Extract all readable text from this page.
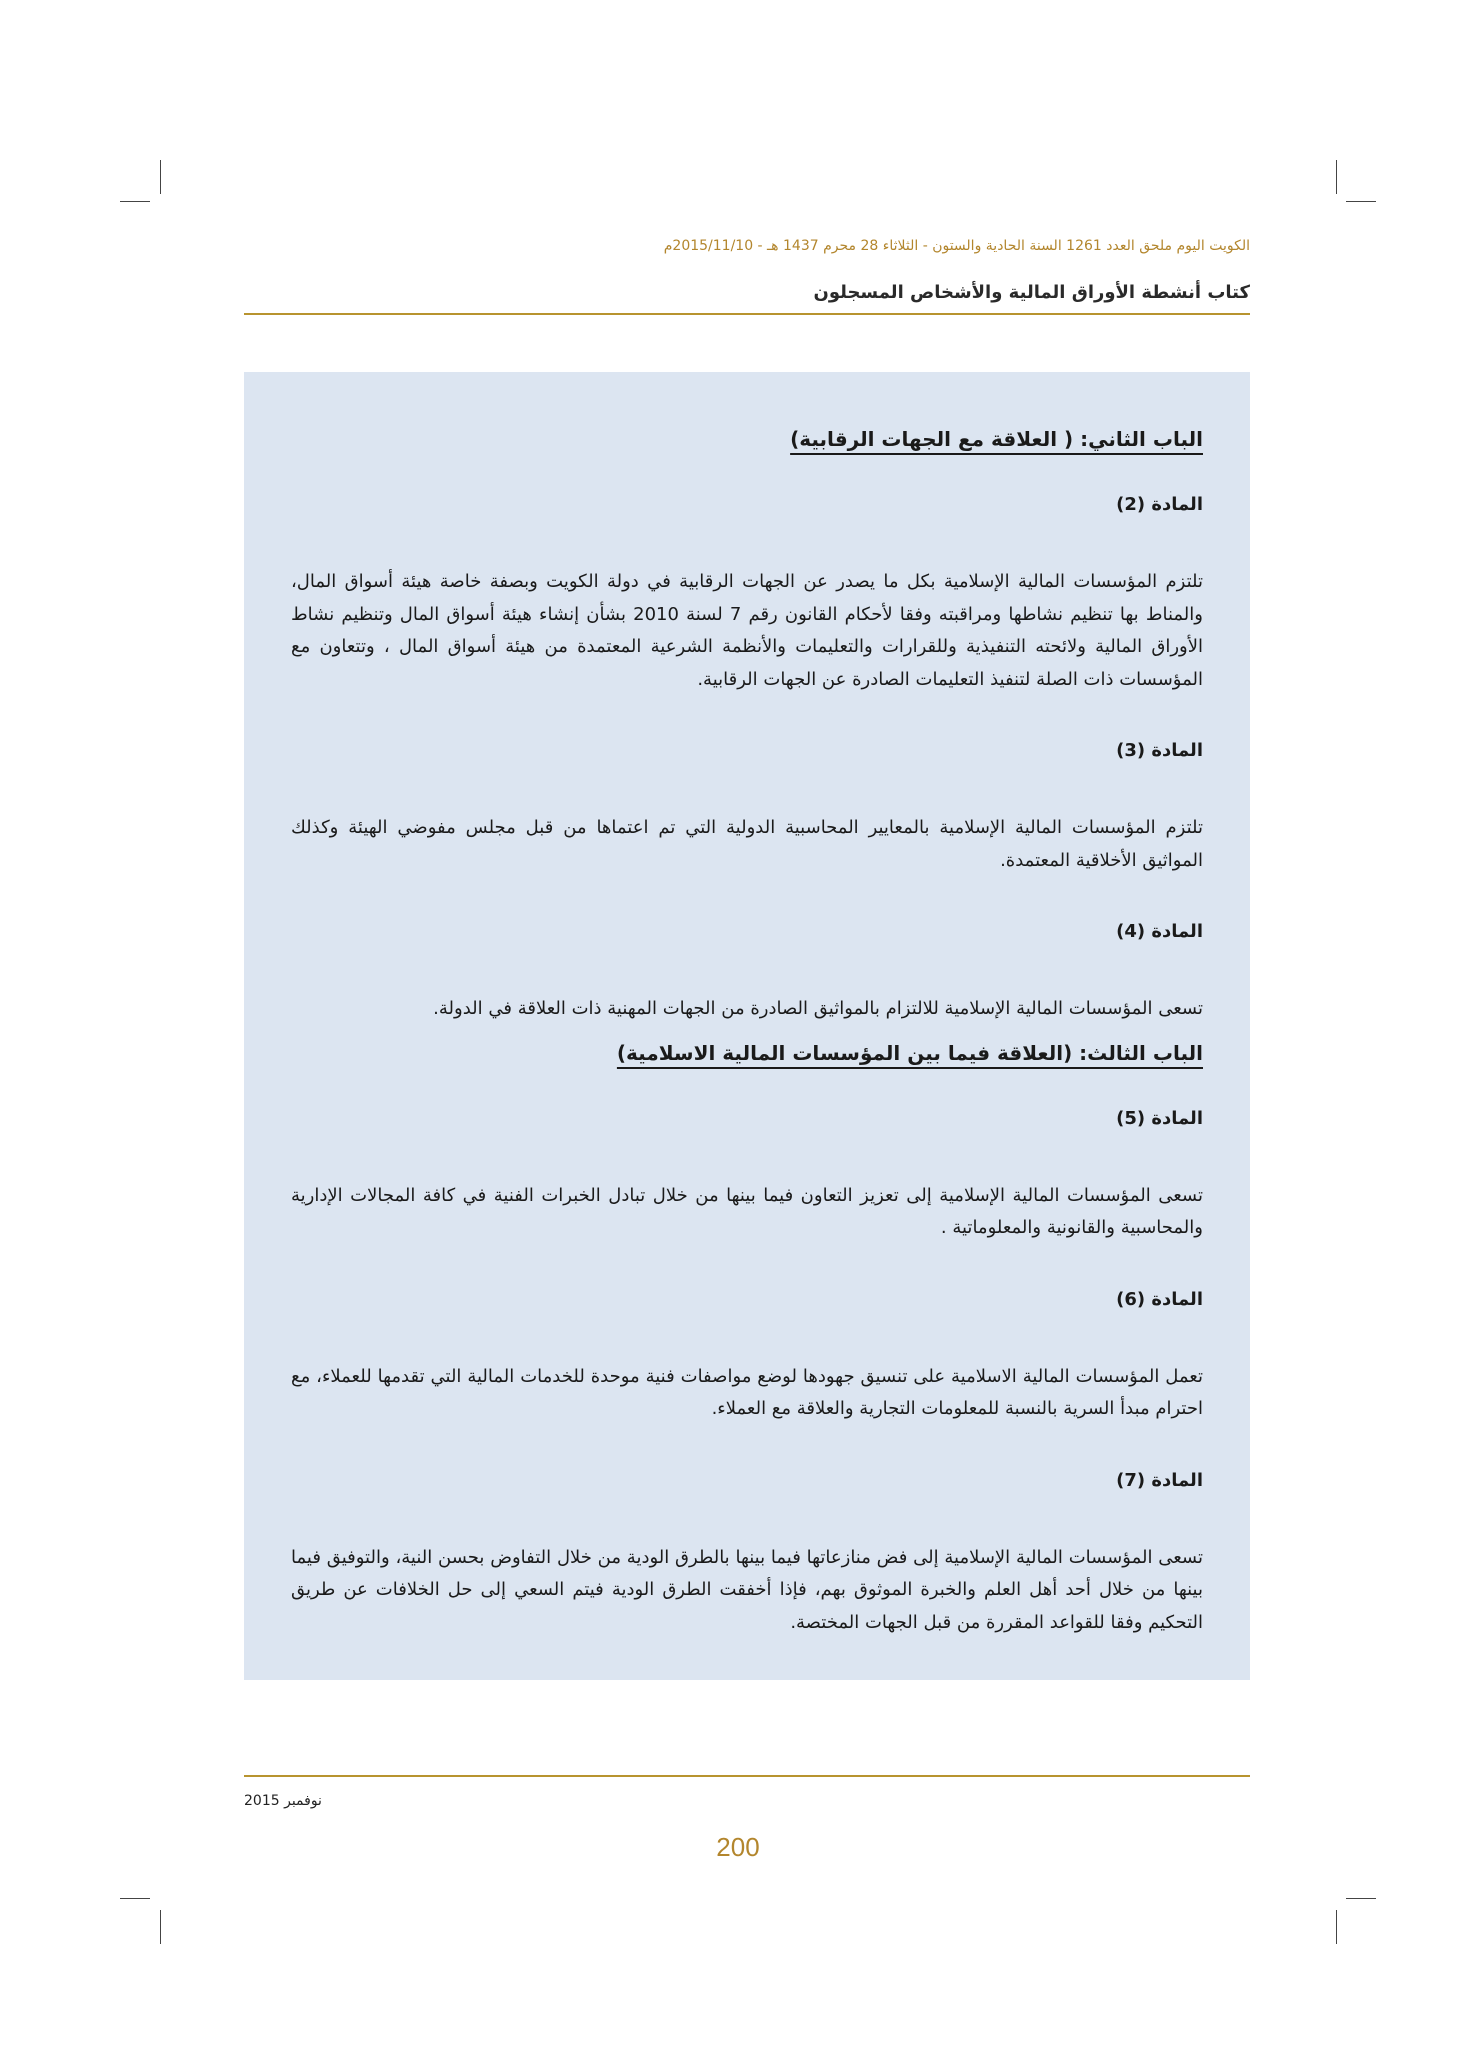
الكويت اليوم ملحق العدد 1261 السنة الحادية والستون - الثلاثاء 28 محرم 1437 هـ - 2015/11/10م
كتاب أنشطة الأوراق المالية والأشخاص المسجلون
الباب الثاني: ( العلاقة مع الجهات الرقابية)
المادة (2)

تلتزم المؤسسات المالية الإسلامية بكل ما يصدر عن الجهات الرقابية في دولة الكويت وبصفة خاصة هيئة أسواق المال، والمناط بها تنظيم نشاطها ومراقبته وفقا لأحكام القانون رقم 7 لسنة 2010 بشأن إنشاء هيئة أسواق المال وتنظيم نشاط الأوراق المالية ولائحته التنفيذية وللقرارات والتعليمات والأنظمة الشرعية المعتمدة من هيئة أسواق المال ، وتتعاون مع المؤسسات ذات الصلة لتنفيذ التعليمات الصادرة عن الجهات الرقابية.

المادة (3)

تلتزم المؤسسات المالية الإسلامية بالمعايير المحاسبية الدولية التي تم اعتماها من قبل مجلس مفوضي الهيئة وكذلك المواثيق الأخلاقية المعتمدة.

المادة (4)

تسعى المؤسسات المالية الإسلامية للالتزام بالمواثيق الصادرة من الجهات المهنية ذات العلاقة في الدولة.

الباب الثالث: (العلاقة فيما بين المؤسسات المالية الاسلامية)
المادة (5)

تسعى المؤسسات المالية الإسلامية إلى تعزيز التعاون فيما بينها من خلال تبادل الخبرات الفنية في كافة المجالات الإدارية والمحاسبية والقانونية والمعلوماتية .

المادة (6)

تعمل المؤسسات المالية الاسلامية على تنسيق جهودها لوضع مواصفات فنية موحدة للخدمات المالية التي تقدمها للعملاء، مع احترام مبدأ السرية بالنسبة للمعلومات التجارية والعلاقة مع العملاء.

المادة (7)

تسعى المؤسسات المالية الإسلامية إلى فض منازعاتها فيما بينها بالطرق الودية من خلال التفاوض بحسن النية، والتوفيق فيما بينها من خلال أحد أهل العلم والخبرة الموثوق بهم، فإذا أخفقت الطرق الودية فيتم السعي إلى حل الخلافات عن طريق التحكيم وفقا للقواعد المقررة من قبل الجهات المختصة.

نوفمبر 2015
200
